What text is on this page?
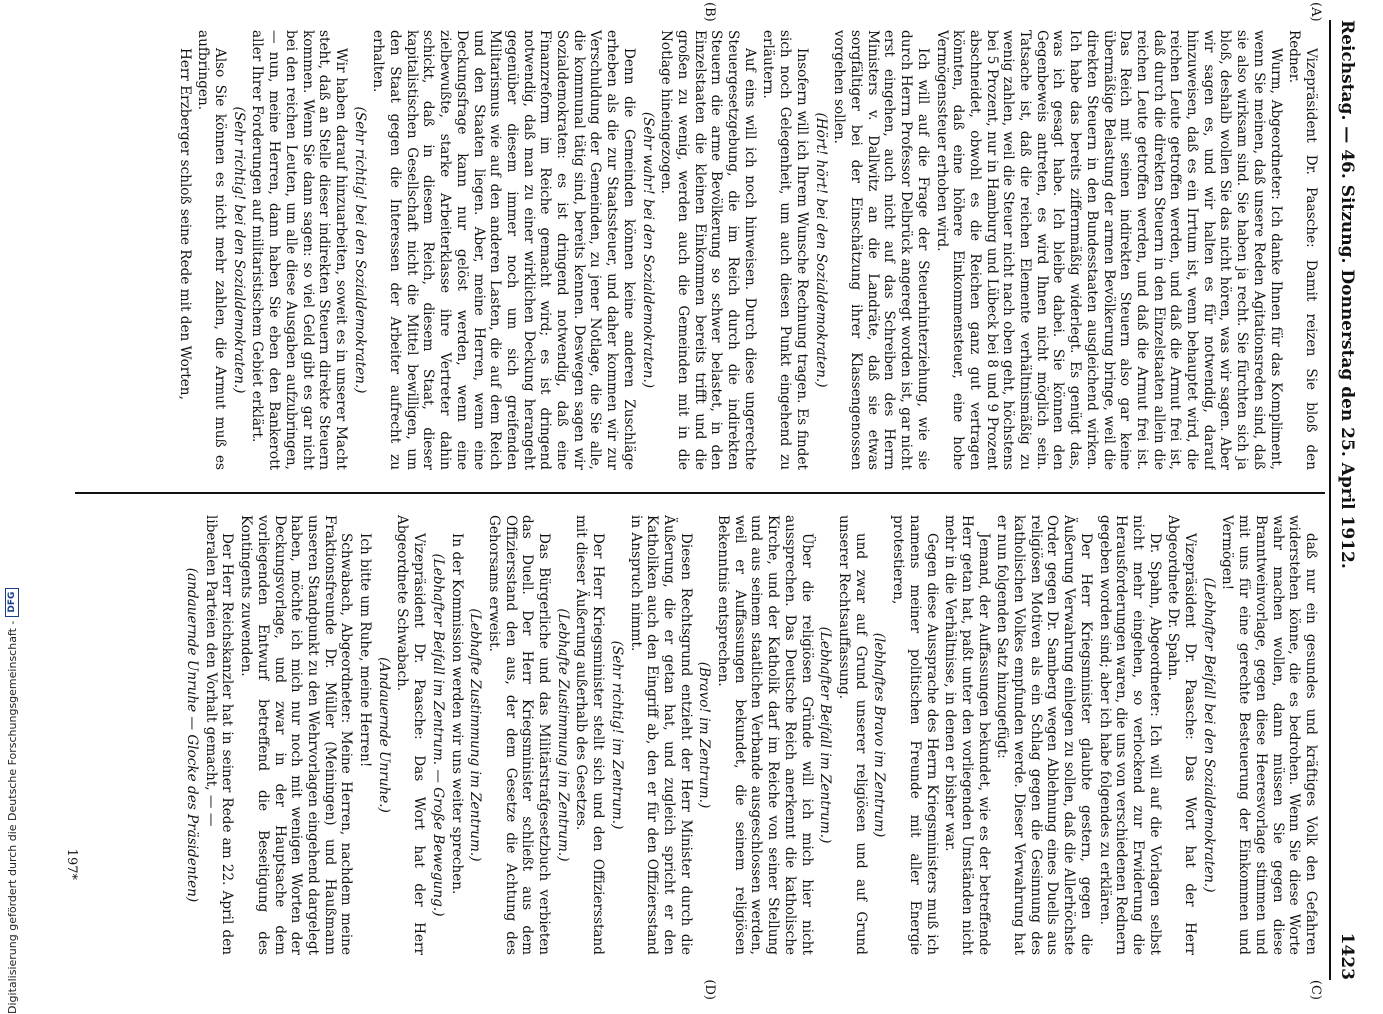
Digitalisierung gefördert durch die Deutsche Forschungsgemeinschaft -
DFG
Reichstag. — 46. Sitzung. Donnerstag den 25. April 1912.
1423
(A)
(B)
(C)
(D)

Vizepräsident Dr. Paasche: Damit reizen Sie bloß den Redner.

Wurm, Abgeordneter: Ich danke Ihnen für das Kompliment, wenn Sie meinen, daß unsere Reden Agitationsreden sind, daß sie also wirksam sind. Sie haben ja recht. Sie fürchten sich ja bloß, deshalb wollen Sie das nicht hören, was wir sagen. Aber wir sagen es, und wir halten es für notwendig, darauf hinzuweisen, daß es ein Irrtum ist, wenn behauptet wird, die reichen Leute getroffen werden, und daß die Armut frei ist, daß durch die direkten Steuern in den Einzelstaaten allein die reichen Leute getroffen werden, und daß die Armut frei ist. Das Reich mit seinen indirekten Steuern also gar keine übermäßige Belastung der armen Bevölkerung bringe, weil die direkten Steuern in den Bundesstaaten ausgleichend wirken. Ich habe das bereits ziffernmäßig widerlegt. Es genügt das, was ich gesagt habe. Ich bleibe dabei. Sie können den Gegenbeweis antreten, es wird Ihnen nicht möglich sein. Tatsache ist, daß die reichen Elemente verhältnismäßig zu wenig zahlen, weil die Steuer nicht nach oben geht, höchstens bei 5 Prozent, nur in Hamburg und Lübeck bei 8 und 9 Prozent abschneidet, obwohl es die Reichen ganz gut vertragen könnten, daß eine höhere Einkommensteuer, eine hohe Vermögenssteuer erhoben wird.

Ich will auf die Frage der Steuerhinterziehung, wie sie durch Herrn Professor Delbrück angeregt worden ist, gar nicht erst eingehen, auch nicht auf das Schreiben des Herrn Ministers v. Dallwitz an die Landräte, daß sie etwas sorgfältiger bei der Einschätzung ihrer Klassengenossen vorgehen sollen.

(Hört! hört! bei den Sozialdemokraten.)

Insofern will ich Ihrem Wunsche Rechnung tragen. Es findet sich noch Gelegenheit, um auch diesen Punkt eingehend zu erläutern.

Auf eins will ich noch hinweisen. Durch diese ungerechte Steuergesetzgebung, die im Reich durch die indirekten Steuern die arme Bevölkerung so schwer belastet, in den Einzelstaaten die kleinen Einkommen bereits trifft und die großen zu wenig, werden auch die Gemeinden mit in die Notlage hineingezogen.

(Sehr wahr! bei den Sozialdemokraten.)

Denn die Gemeinden können keine anderen Zuschläge erheben als die zur Staatssteuer, und daher kommen wir zur Verschuldung der Gemeinden, zu jener Notlage, die Sie alle, die kommunal tätig sind, bereits kennen. Deswegen sagen wir Sozialdemokraten: es ist dringend notwendig, daß eine Finanzreform im Reiche gemacht wird; es ist dringend notwendig, daß man zu einer wirklichen Deckung herangeht gegenüber diesem immer noch um sich greifenden Militarismus wie auf den anderen Lasten, die auf dem Reich und den Staaten liegen. Aber, meine Herren, wenn eine Deckungsfrage kann nur gelöst werden, wenn eine zielbewußte, starke Arbeiterklasse ihre Vertreter dahin schickt, daß in diesem Reich, diesem Staat, dieser kapitalistischen Gesellschaft nicht die Mittel bewilligen, um den Staat gegen die Interessen der Arbeiter aufrecht zu erhalten.

(Sehr richtig! bei den Sozialdemokraten.)

Wir haben darauf hinzuarbeiten, soweit es in unserer Macht steht, daß an Stelle dieser indirekten Steuern direkte Steuern kommen. Wenn Sie dann sagen: so viel Geld gibt es gar nicht bei den reichen Leuten, um alle diese Ausgaben aufzubringen, — nun, meine Herren, dann haben Sie eben den Bankerott aller Ihrer Forderungen auf militaristischem Gebiet erklärt.

(Sehr richtig! bei den Sozialdemokraten.)

Also Sie können es nicht mehr zahlen, die Armut muß es aufbringen.

Herr Erzberger schloß seine Rede mit den Worten,

daß nur ein gesundes und kräftiges Volk den Gefahren widerstehen könne, die es bedrohen. Wenn Sie diese Worte wahr machen wollen, dann müssen Sie gegen diese Branntweinvorlage, gegen diese Heeresvorlage stimmen und mit uns für eine gerechte Besteuerung der Einkommen und Vermögen!

(Lebhafter Beifall bei den Sozialdemokraten.)

Vizepräsident Dr. Paasche: Das Wort hat der Herr Abgeordnete Dr. Spahn.

Dr. Spahn, Abgeordneter: Ich will auf die Vorlagen selbst nicht mehr eingehen, so verlockend zur Erwiderung die Herausforderungen waren, die uns von verschiedenen Rednern gegeben worden sind; aber ich habe folgendes zu erklären.

Der Herr Kriegsminister glaubte gestern, gegen die Äußerung Verwahrung einlegen zu sollen, daß die Allerhöchste Order gegen Dr. Samberg wegen Ablehnung eines Duells aus religiösen Motiven als ein Schlag gegen die Gesinnung des katholischen Volkes empfunden werde. Dieser Verwahrung hat er nun folgenden Satz hinzugefügt:

Jemand, der Auffassungen bekundet, wie es der betreffende Herr getan hat, paßt unter den vorliegenden Umständen nicht mehr in die Verhältnisse, in denen er bisher war.

Gegen diese Aussprache des Herrn Kriegsministers muß ich namens meiner politischen Freunde mit aller Energie protestieren,

(lebhaftes Bravo im Zentrum)

und zwar auf Grund unserer religiösen und auf Grund unserer Rechtsauffassung.

(Lebhafter Beifall im Zentrum.)

Über die religiösen Gründe will ich mich hier nicht aussprechen. Das Deutsche Reich anerkennt die katholische Kirche, und der Katholik darf im Reiche von seiner Stellung und aus seinem staatlichen Verbande ausgeschlossen werden, weil er Auffassungen bekundet, die seinem religiösen Bekenntnis entsprechen.

(Bravo! im Zentrum.)

Diesen Rechtsgrund entzieht der Herr Minister durch die Äußerung, die er getan hat, und zugleich spricht er den Katholiken auch den Eingriff ab, den er für den Offiziersstand in Anspruch nimmt.

(Sehr richtig! im Zentrum.)

Der Herr Kriegsminister stellt sich und den Offiziersstand mit dieser Äußerung außerhalb des Gesetzes.

(Lebhafte Zustimmung im Zentrum.)

Das Bürgerliche und das Militärstrafgesetzbuch verbieten das Duell. Der Herr Kriegsminister schließt aus dem Offiziersstand den aus, der dem Gesetze die Achtung des Gehorsams erweist.

(Lebhafte Zustimmung im Zentrum.)

In der Kommission werden wir uns weiter sprechen.

(Lebhafter Beifall im Zentrum. — Große Bewegung.)

Vizepräsident Dr. Paasche: Das Wort hat der Herr Abgeordnete Schwabach.

(Andauernde Unruhe.)

Ich bitte um Ruhe, meine Herren!

Schwabach, Abgeordneter: Meine Herren, nachdem meine Fraktionsfreunde Dr. Müller (Meiningen) und Haußmann unseren Standpunkt zu den Wehrvorlagen eingehend dargelegt haben, möchte ich mich nur noch mit wenigen Worten der Deckungsvorlage, und zwar in der Hauptsache dem vorliegenden Entwurf betreffend die Beseitigung des Kontingents zuwenden.

Der Herr Reichskanzler hat in seiner Rede am 22. April den liberalen Parteien den Vorhalt gemacht, — —

(andauernde Unruhe — Glocke des Präsidenten)

197*
